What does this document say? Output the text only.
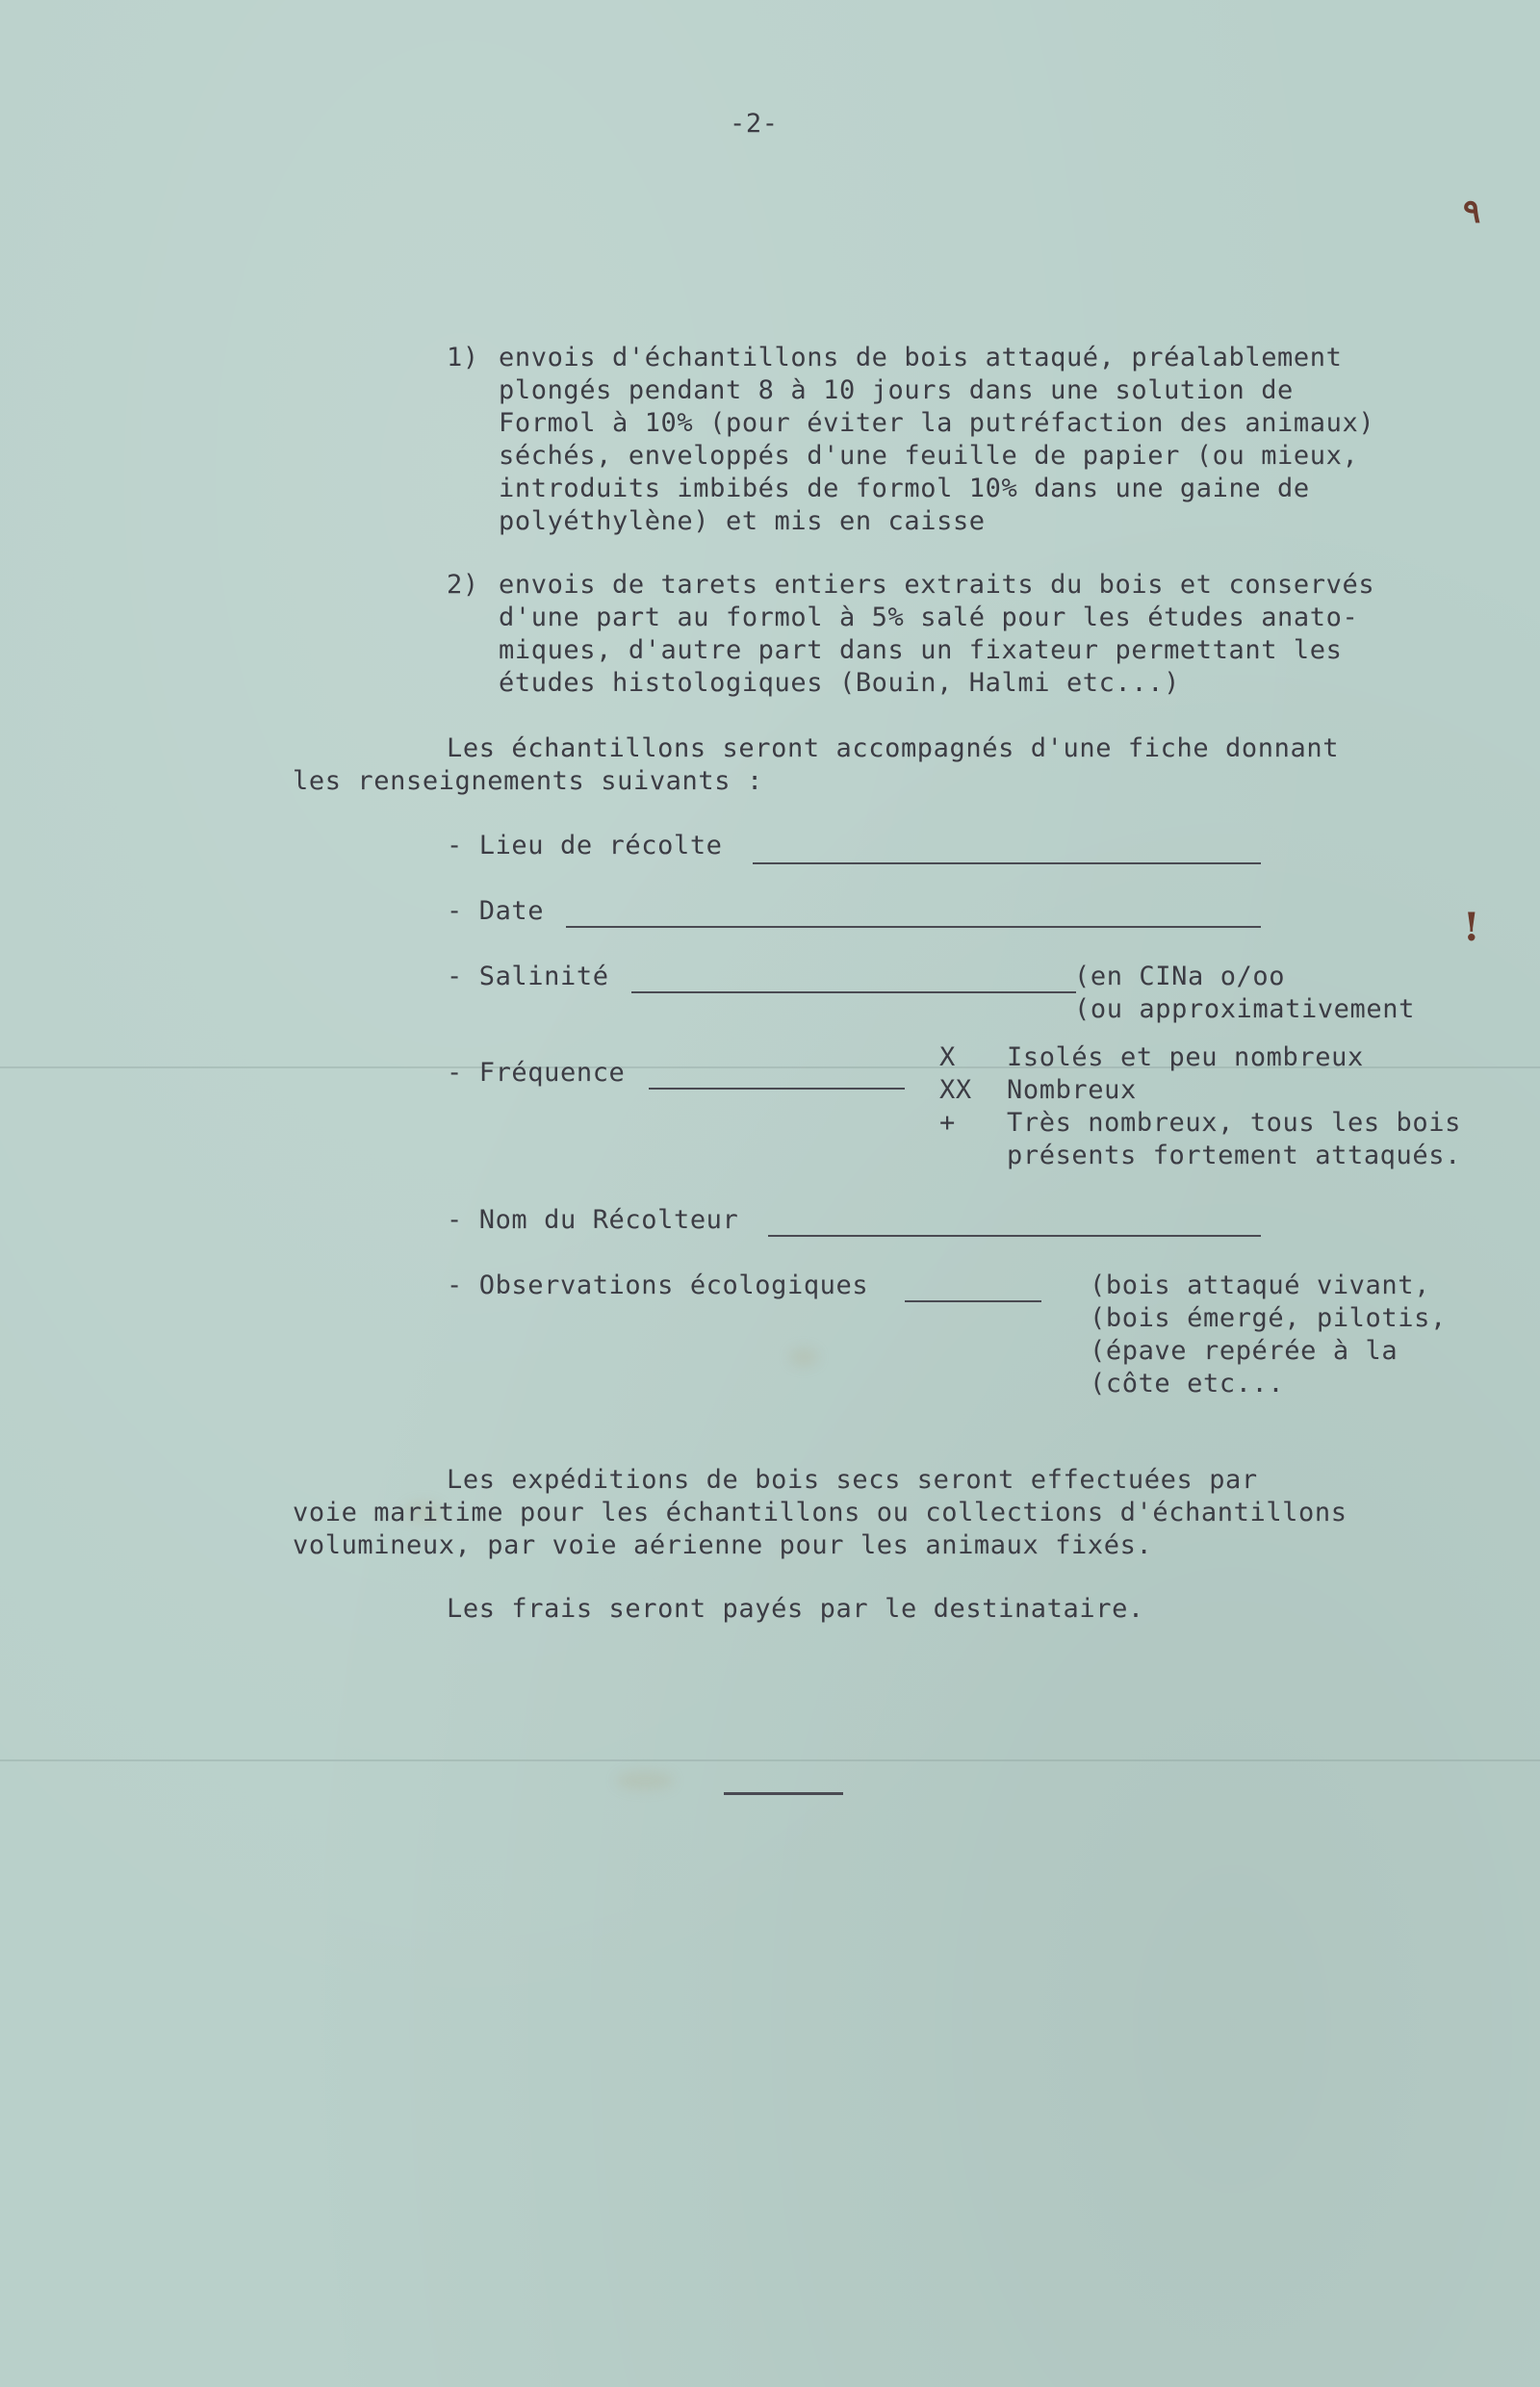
-2-
1) envois d'échantillons de bois attaqué, préalablement
plongés pendant 8 à 10 jours dans une solution de
Formol à 10% (pour éviter la putréfaction des animaux)
séchés, enveloppés d'une feuille de papier (ou mieux,
introduits imbibés de formol 10% dans une gaine de
polyéthylène) et mis en caisse
2) envois de tarets entiers extraits du bois et conservés
d'une part au formol à 5% salé pour les études anato-
miques, d'autre part dans un fixateur permettant les
études histologiques (Bouin, Halmi etc...)
Les échantillons seront accompagnés d'une fiche donnant
les renseignements suivants :
- Lieu de récolte
- Date
- Salinité	(en CINa o/oo
(ou approximativement
- Fréquence
X Isolés et peu nombreux
XX Nombreux
+ Très nombreux, tous les bois
présents fortement attaqués.
- Nom du Récolteur
- Observations écologiques	(bois attaqué vivant,
(bois émergé, pilotis,
(épave repérée à la
(côte etc...
Les expéditions de bois secs seront effectuées par
voie maritime pour les échantillons ou collections d'échantillons
volumineux, par voie aérienne pour les animaux fixés.
Les frais seront payés par le destinataire.
٩
!
